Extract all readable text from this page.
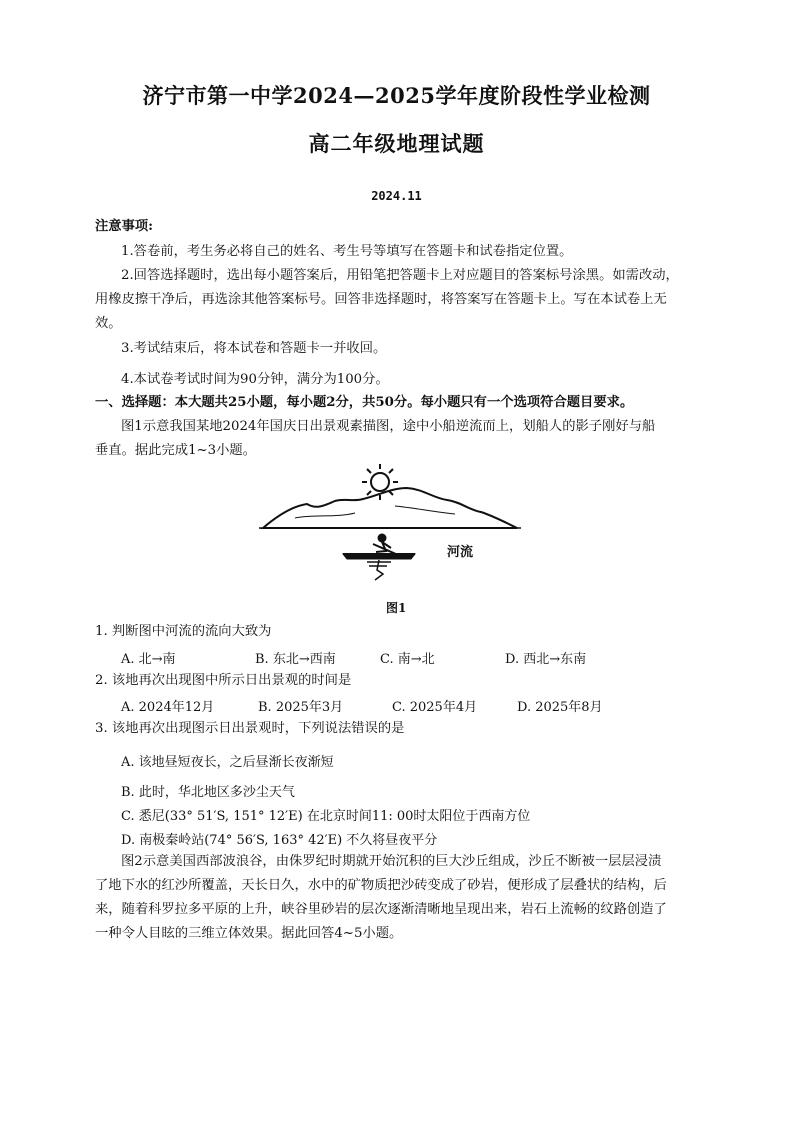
济宁市第一中学2024—2025学年度阶段性学业检测
高二年级地理试题
2024.11
注意事项:
1.答卷前，考生务必将自己的姓名、考生号等填写在答题卡和试卷指定位置。
2.回答选择题时，选出每小题答案后，用铅笔把答题卡上对应题目的答案标号涂黑。如需改动，
用橡皮擦干净后，再选涂其他答案标号。回答非选择题时，将答案写在答题卡上。写在本试卷上无
效。
3.考试结束后，将本试卷和答题卡一并收回。
4.本试卷考试时间为90分钟，满分为100分。
一、选择题：本大题共25小题，每小题2分，共50分。每小题只有一个选项符合题目要求。
图1示意我国某地2024年国庆日出景观素描图，途中小船逆流而上，划船人的影子刚好与船
垂直。据此完成1~3小题。
河流
图1
1. 判断图中河流的流向大致为
A. 北→南	B. 东北→西南	C. 南→北	D. 西北→东南
2. 该地再次出现图中所示日出景观的时间是
A. 2024年12月	B. 2025年3月	C. 2025年4月	D. 2025年8月
3. 该地再次出现图示日出景观时，下列说法错误的是
A. 该地昼短夜长，之后昼渐长夜渐短
B. 此时，华北地区多沙尘天气
C. 悉尼(33° 51′S, 151° 12′E) 在北京时间11: 00时太阳位于西南方位
D. 南极秦岭站(74° 56′S, 163° 42′E) 不久将昼夜平分
图2示意美国西部波浪谷，由侏罗纪时期就开始沉积的巨大沙丘组成，沙丘不断被一层层浸渍
了地下水的红沙所覆盖，天长日久，水中的矿物质把沙砖变成了砂岩，便形成了层叠状的结构，后
来，随着科罗拉多平原的上升，峡谷里砂岩的层次逐渐清晰地呈现出来，岩石上流畅的纹路创造了
一种令人目眩的三维立体效果。据此回答4~5小题。
